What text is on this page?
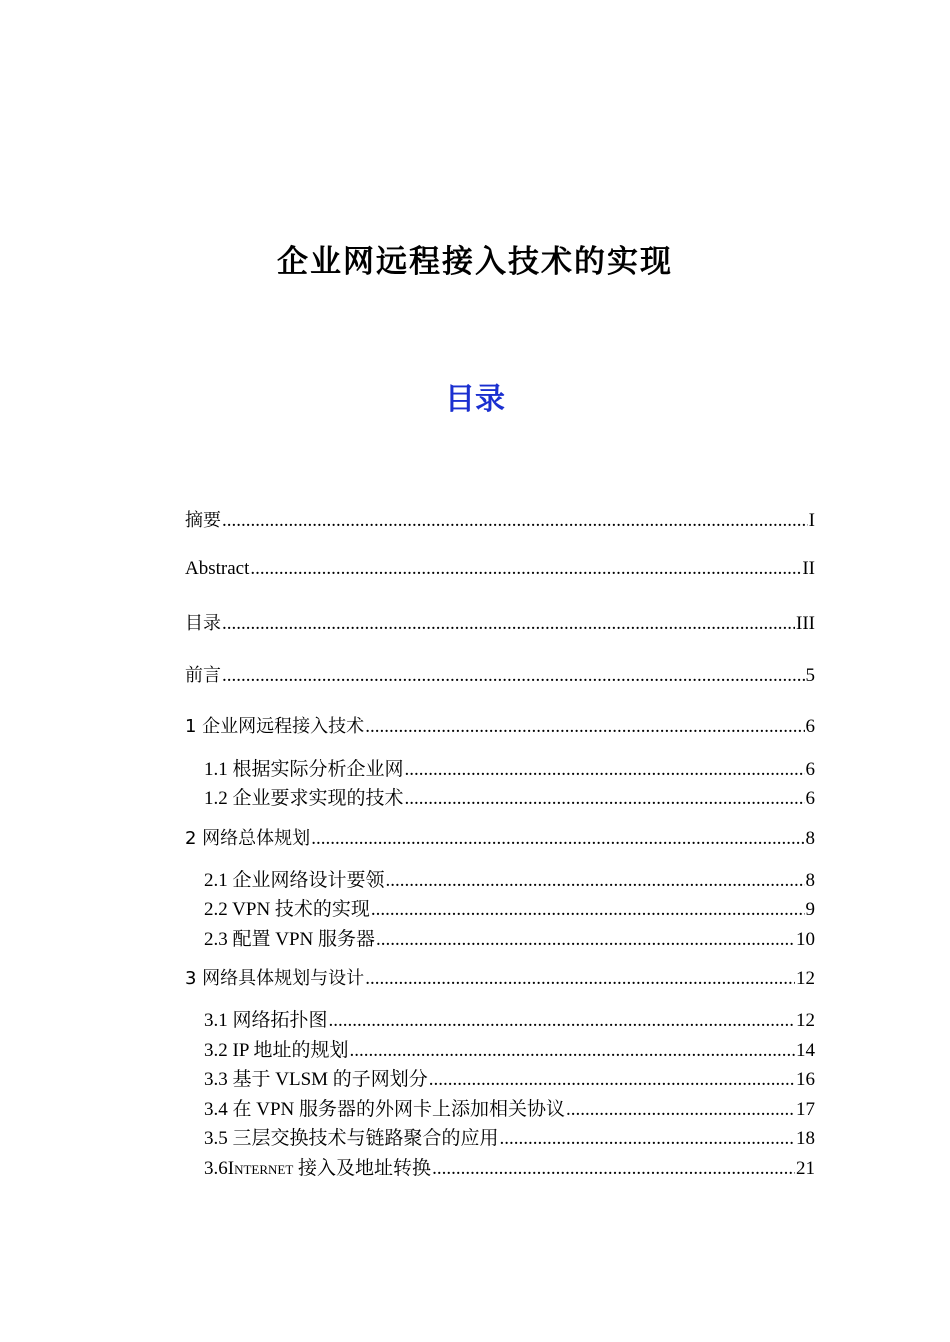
企业网远程接入技术的实现
目录
摘要 .....	I
Abstract .....	II
目录 .....	III
前言 .....	5
1 企业网远程接入技术 .....	6
1.1 根据实际分析企业网 .....	6
1.2 企业要求实现的技术 .....	6
2 网络总体规划 .....	8
2.1 企业网络设计要领 .....	8
2.2 VPN 技术的实现 .....	9
2.3 配置 VPN 服务器 .....	10
3 网络具体规划与设计 .....	12
3.1 网络拓扑图 .....	12
3.2 IP 地址的规划 .....	14
3.3 基于 VLSM 的子网划分 .....	16
3.4 在 VPN 服务器的外网卡上添加相关协议 .....	17
3.5 三层交换技术与链路聚合的应用 .....	18
3.6Internet 接入及地址转换 .....	21
